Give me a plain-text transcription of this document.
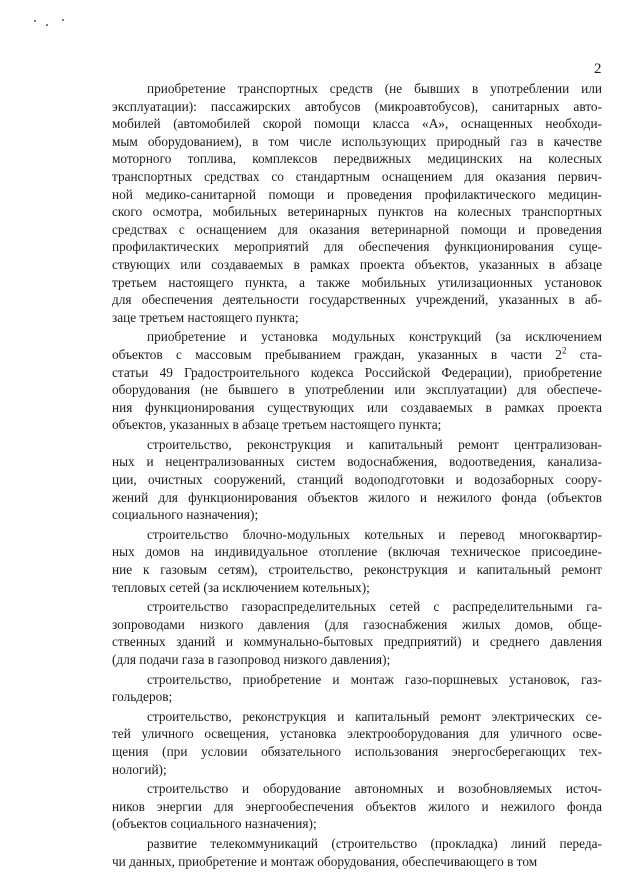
2
приобретение транспортных средств (не бывших в употреблении или
эксплуатации): пассажирских автобусов (микроавтобусов), санитарных авто-
мобилей (автомобилей скорой помощи класса «А», оснащенных необходи-
мым оборудованием), в том числе использующих природный газ в качестве
моторного топлива, комплексов передвижных медицинских на колесных
транспортных средствах со стандартным оснащением для оказания первич-
ной медико-санитарной помощи и проведения профилактического медицин-
ского осмотра, мобильных ветеринарных пунктов на колесных транспортных
средствах с оснащением для оказания ветеринарной помощи и проведения
профилактических мероприятий для обеспечения функционирования суще-
ствующих или создаваемых в рамках проекта объектов, указанных в абзаце
третьем настоящего пункта, а также мобильных утилизационных установок
для обеспечения деятельности государственных учреждений, указанных в аб-
заце третьем настоящего пункта;
приобретение и установка модульных конструкций (за исключением
объектов с массовым пребыванием граждан, указанных в части $2^2$ ста-
статьи 49 Градостроительного кодекса Российской Федерации), приобретение
оборудования (не бывшего в употреблении или эксплуатации) для обеспече-
ния функционирования существующих или создаваемых в рамках проекта
объектов, указанных в абзаце третьем настоящего пункта;
строительство, реконструкция и капитальный ремонт централизован-
ных и нецентрализованных систем водоснабжения, водоотведения, канализа-
ции, очистных сооружений, станций водоподготовки и водозаборных соору-
жений для функционирования объектов жилого и нежилого фонда (объектов
социального назначения);
строительство блочно-модульных котельных и перевод многоквартир-
ных домов на индивидуальное отопление (включая техническое присоедине-
ние к газовым сетям), строительство, реконструкция и капитальный ремонт
тепловых сетей (за исключением котельных);
строительство газораспределительных сетей с распределительными га-
зопроводами низкого давления (для газоснабжения жилых домов, обще-
ственных зданий и коммунально-бытовых предприятий) и среднего давления
(для подачи газа в газопровод низкого давления);
строительство, приобретение и монтаж газо-поршневых установок, газ-
гольдеров;
строительство, реконструкция и капитальный ремонт электрических се-
тей уличного освещения, установка электрооборудования для уличного осве-
щения (при условии обязательного использования энергосберегающих тех-
нологий);
строительство и оборудование автономных и возобновляемых источ-
ников энергии для энергообеспечения объектов жилого и нежилого фонда
(объектов социального назначения);
развитие телекоммуникаций (строительство (прокладка) линий переда-
чи данных, приобретение и монтаж оборудования, обеспечивающего в том
